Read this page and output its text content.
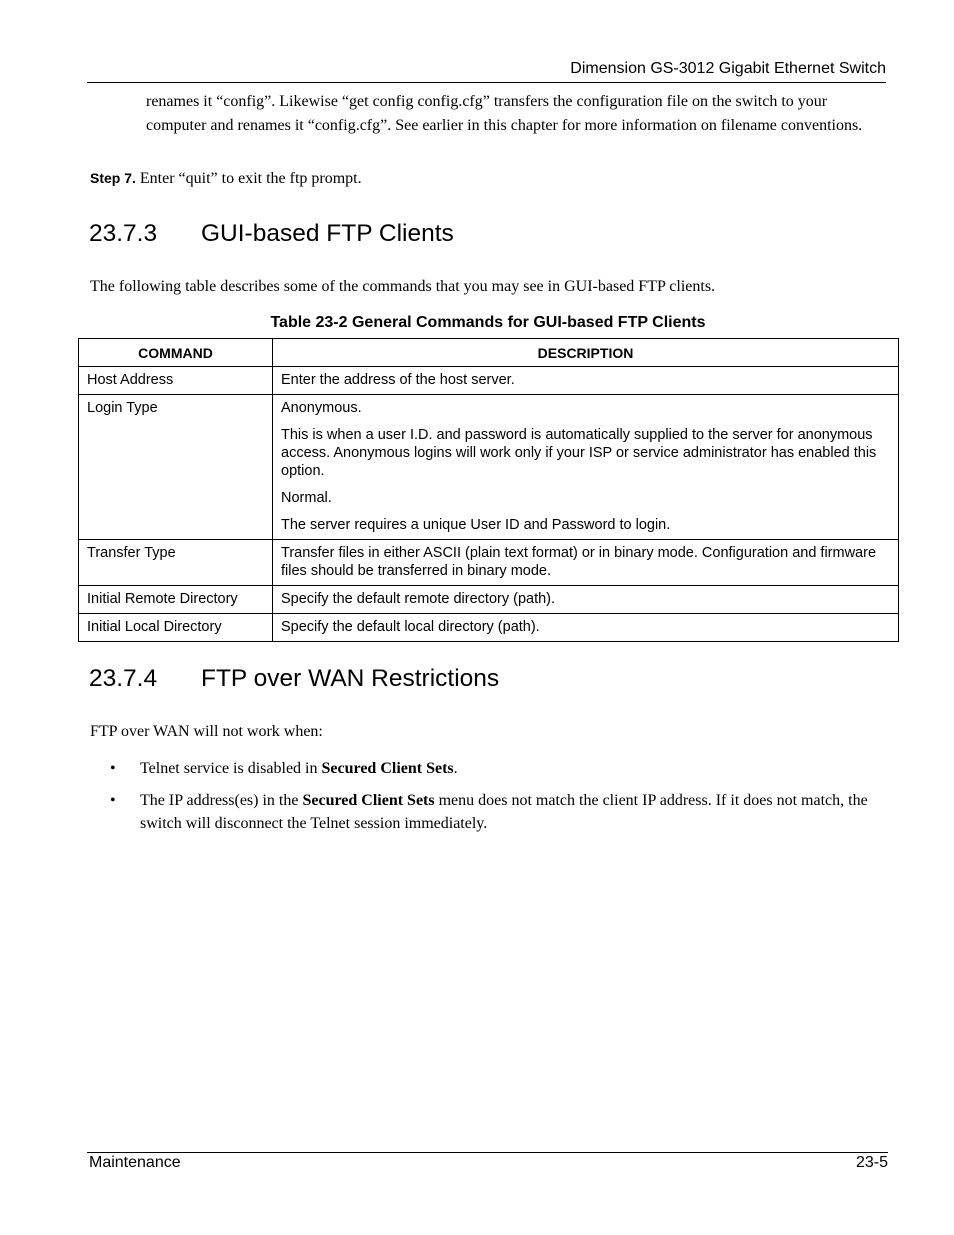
Dimension GS-3012 Gigabit Ethernet Switch
renames it “config”. Likewise “get config config.cfg” transfers the configuration file on the switch to your computer and renames it “config.cfg”. See earlier in this chapter for more information on filename conventions.
Step 7. Enter “quit” to exit the ftp prompt.
23.7.3 GUI-based FTP Clients
The following table describes some of the commands that you may see in GUI-based FTP clients.
Table 23-2 General Commands for GUI-based FTP Clients
COMMAND	DESCRIPTION
Host Address	Enter the address of the host server.

Login Type	Anonymous.

This is when a user I.D. and password is automatically supplied to the server for anonymous access. Anonymous logins will work only if your ISP or service administrator has enabled this option.

Normal.

The server requires a unique User ID and Password to login.

Transfer Type	Transfer files in either ASCII (plain text format) or in binary mode. Configuration and firmware files should be transferred in binary mode.

Initial Remote Directory	Specify the default remote directory (path).

Initial Local Directory	Specify the default local directory (path).

23.7.4 FTP over WAN Restrictions
FTP over WAN will not work when:
• Telnet service is disabled in Secured Client Sets.
• The IP address(es) in the Secured Client Sets menu does not match the client IP address. If it does not match, the switch will disconnect the Telnet session immediately.
Maintenance	23-5
